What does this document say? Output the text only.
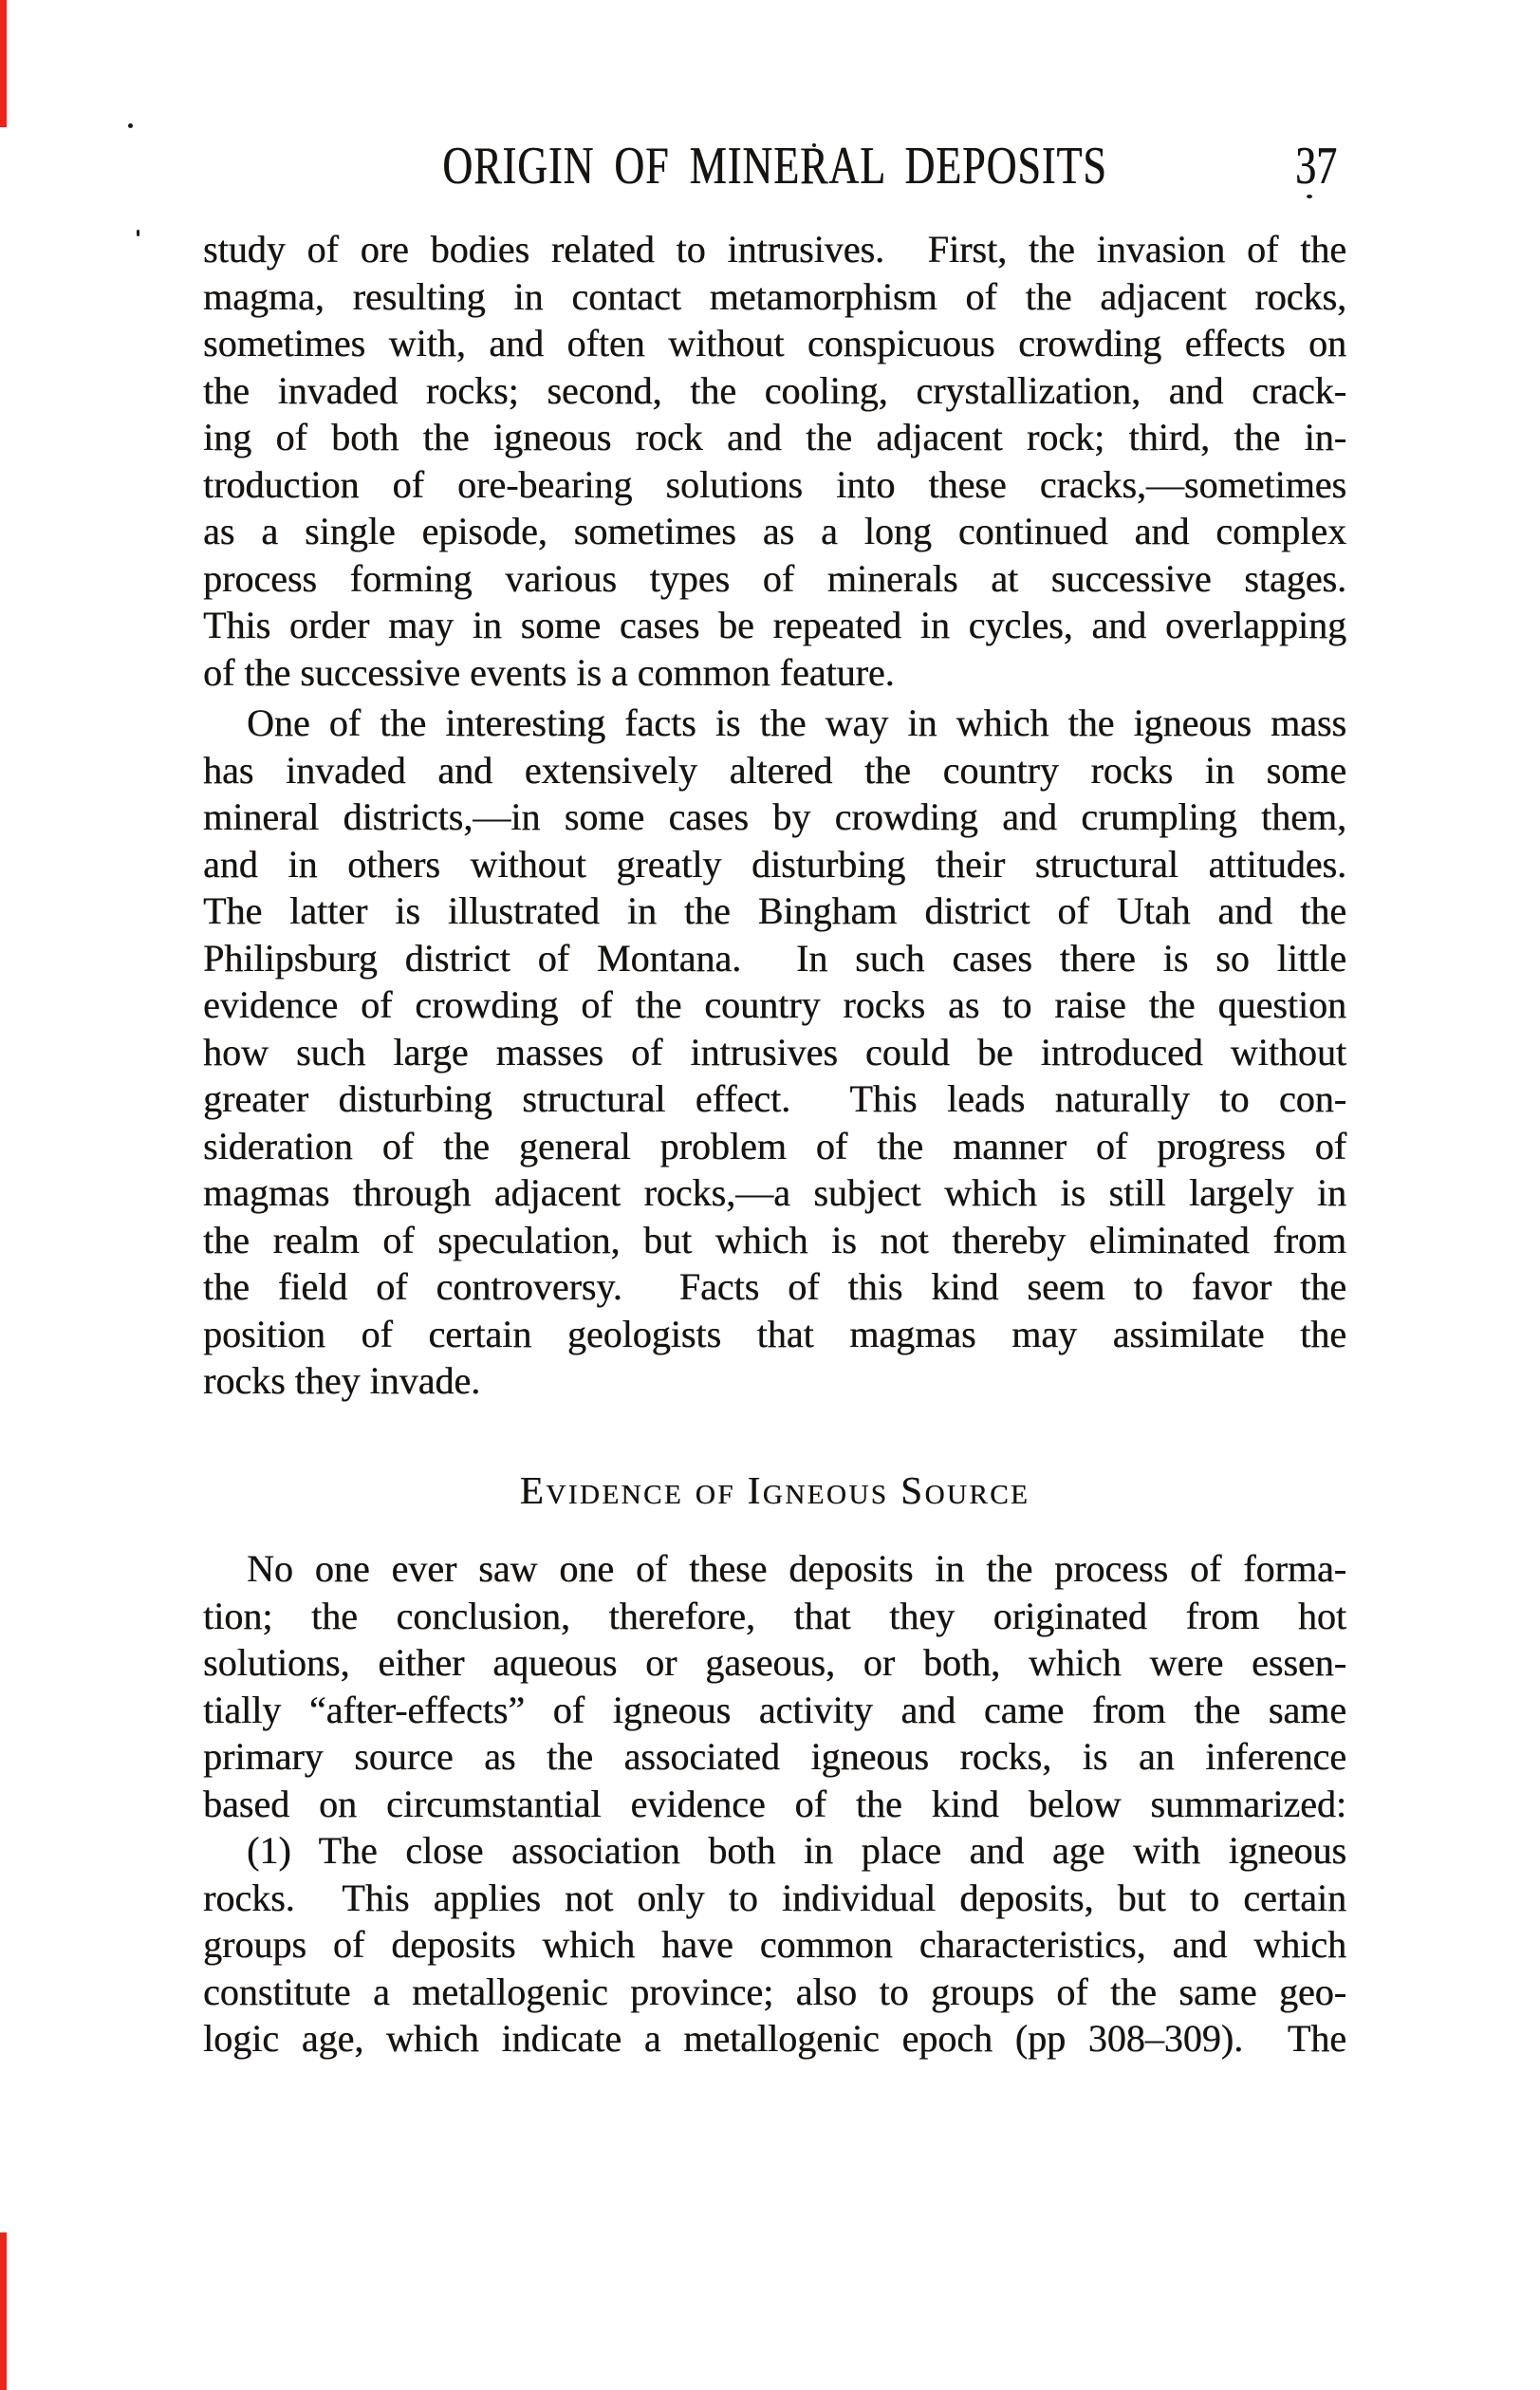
ORIGIN OF MINERAL DEPOSITS	37
study of ore bodies related to intrusives.  First, the invasion of the
magma, resulting in contact metamorphism of the adjacent rocks,
sometimes with, and often without conspicuous crowding effects on
the invaded rocks; second, the cooling, crystallization, and crack-
ing of both the igneous rock and the adjacent rock; third, the in-
troduction of ore-bearing solutions into these cracks,—sometimes
as a single episode, sometimes as a long continued and complex
process forming various types of minerals at successive stages.
This order may in some cases be repeated in cycles, and overlapping
of the successive events is a common feature.
One of the interesting facts is the way in which the igneous mass
has invaded and extensively altered the country rocks in some
mineral districts,—in some cases by crowding and crumpling them,
and in others without greatly disturbing their structural attitudes.
The latter is illustrated in the Bingham district of Utah and the
Philipsburg district of Montana.  In such cases there is so little
evidence of crowding of the country rocks as to raise the question
how such large masses of intrusives could be introduced without
greater disturbing structural effect.  This leads naturally to con-
sideration of the general problem of the manner of progress of
magmas through adjacent rocks,—a subject which is still largely in
the realm of speculation, but which is not thereby eliminated from
the field of controversy.  Facts of this kind seem to favor the
position of certain geologists that magmas may assimilate the
rocks they invade.
Evidence of Igneous Source
No one ever saw one of these deposits in the process of forma-
tion; the conclusion, therefore, that they originated from hot
solutions, either aqueous or gaseous, or both, which were essen-
tially “after-effects” of igneous activity and came from the same
primary source as the associated igneous rocks, is an inference
based on circumstantial evidence of the kind below summarized:
(1) The close association both in place and age with igneous
rocks.  This applies not only to individual deposits, but to certain
groups of deposits which have common characteristics, and which
constitute a metallogenic province; also to groups of the same geo-
logic age, which indicate a metallogenic epoch (pp 308–309).  The
